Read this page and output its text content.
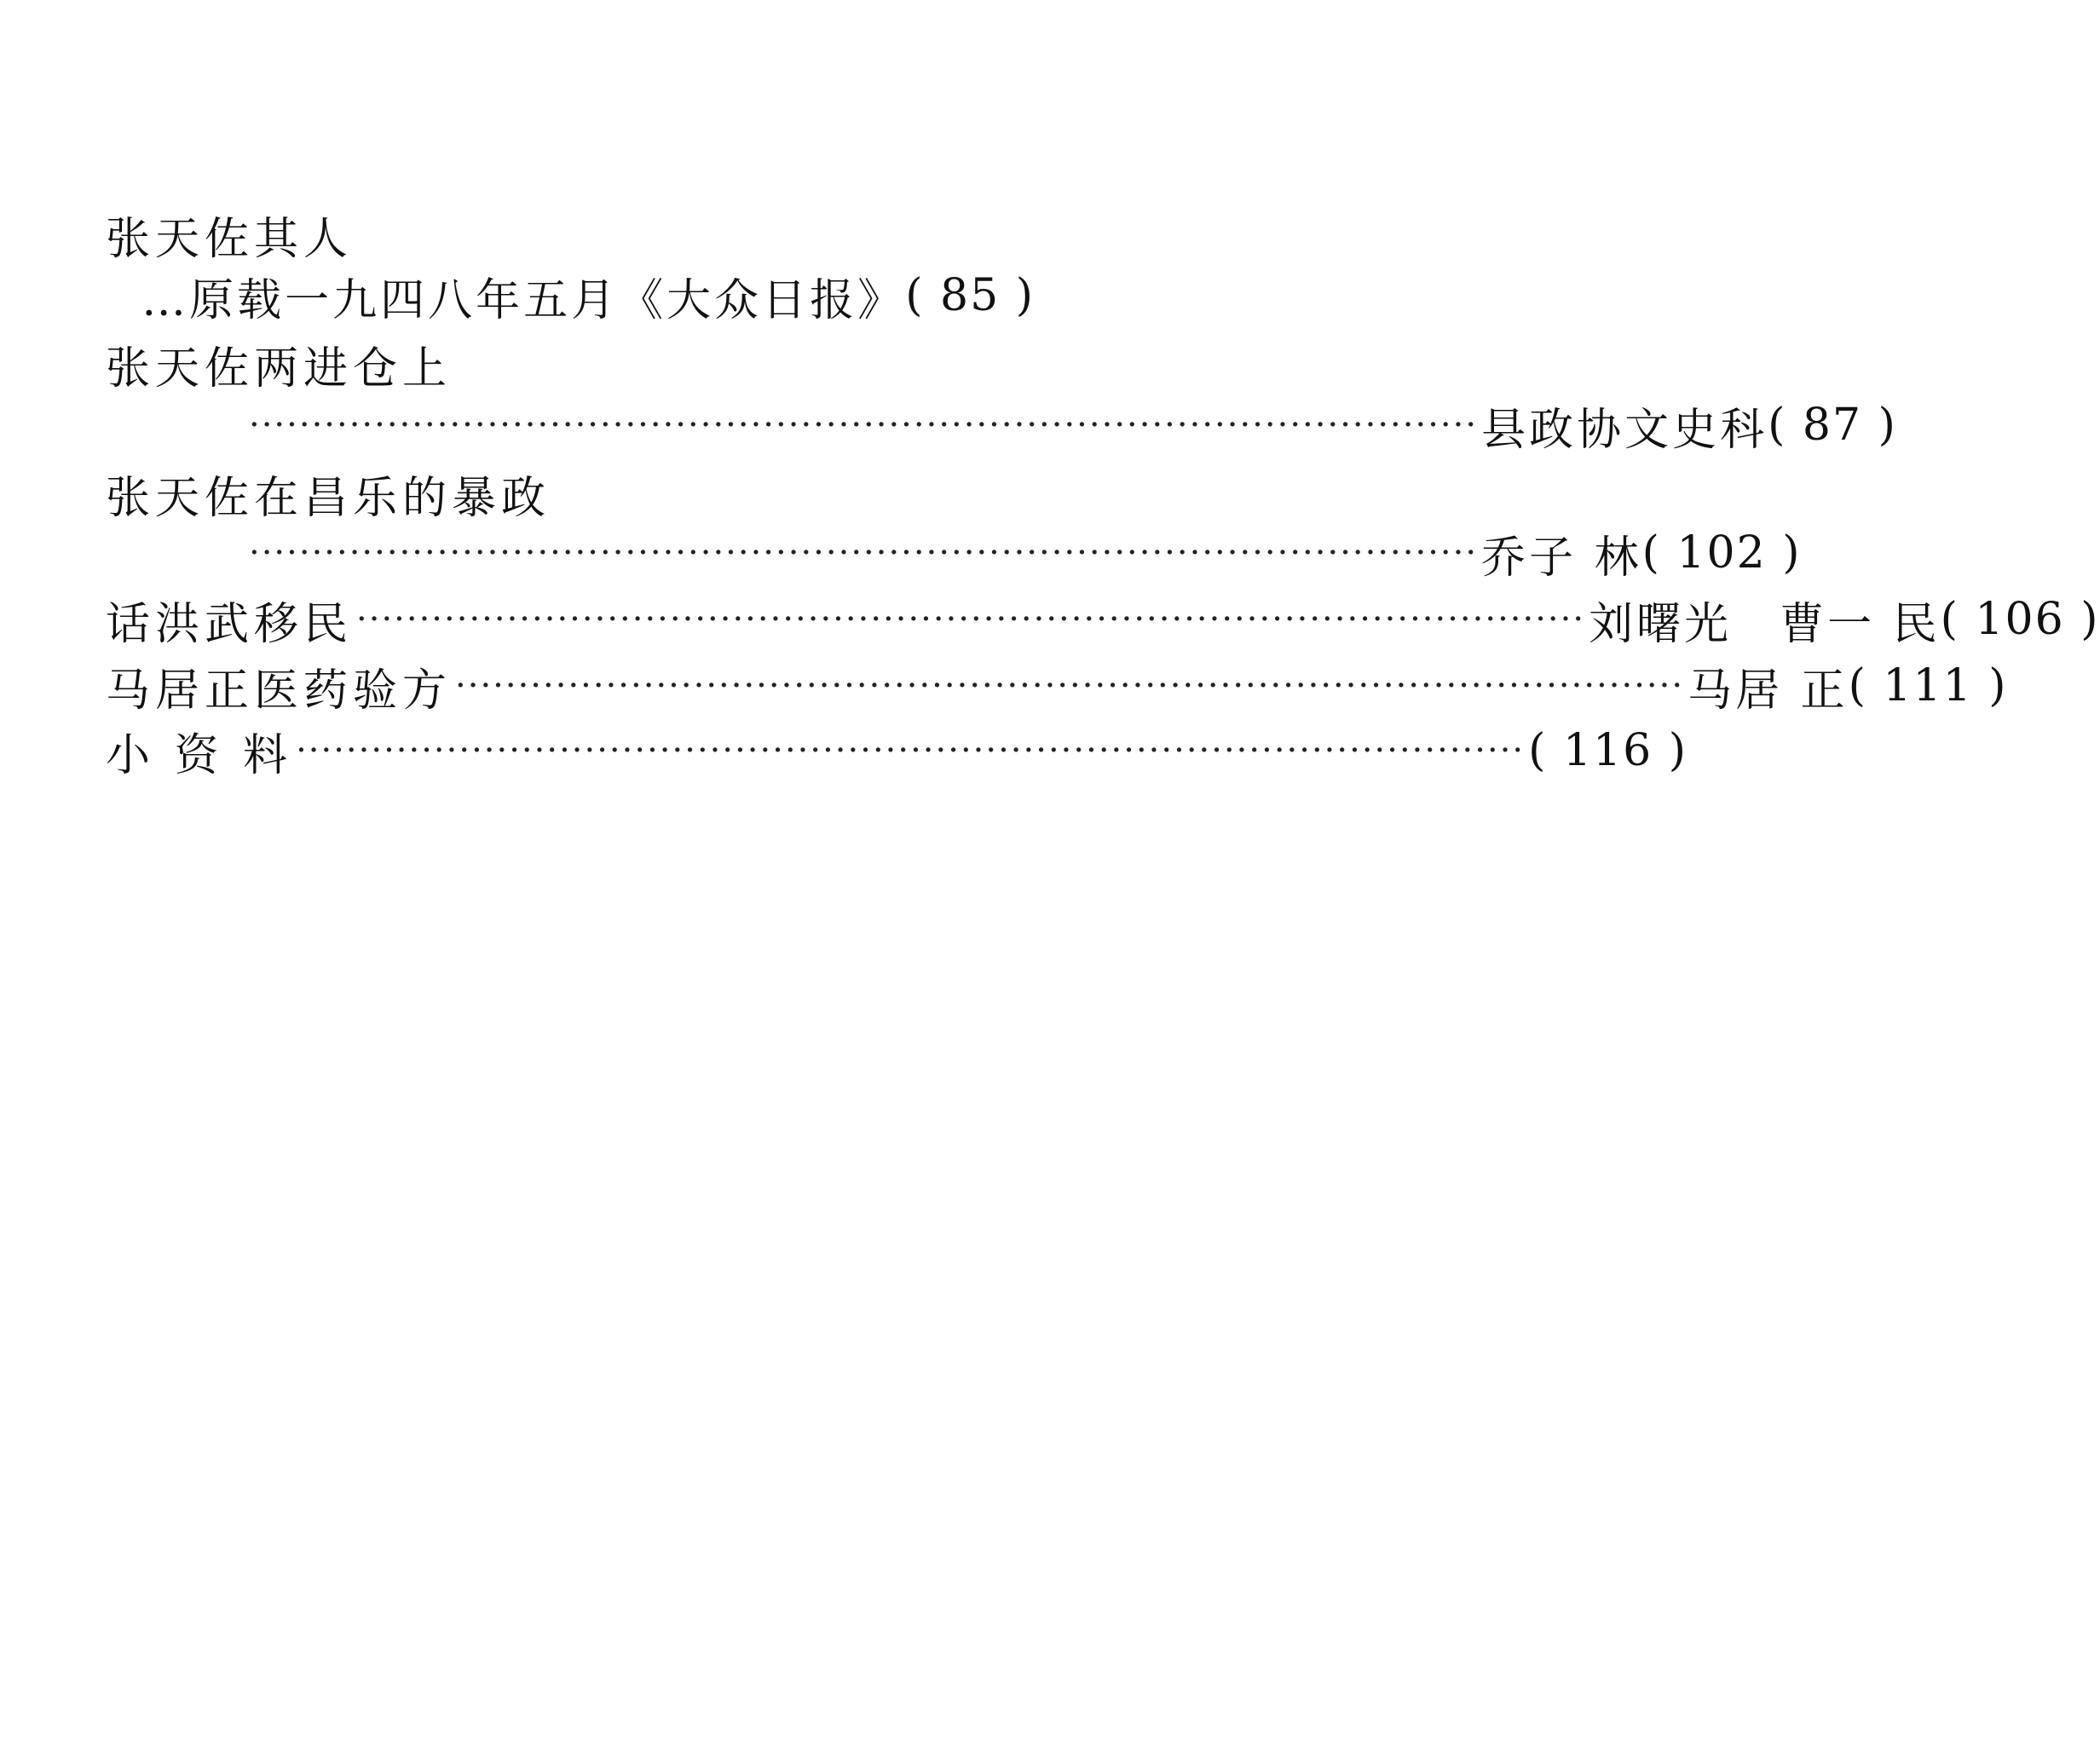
张天佐其人
…原载一九四八年五月《大众日报》 ( 85 )
张天佐两进仓上
·································································································· 县政协文史科 ( 87 )
张天佐在昌乐的暴政
·································································································· 乔子 林 ( 102 )
话洪武移民 ·································································································· 刘曙光　曹一 民 ( 106 )
马居正医药验方 ·································································································· 马居 正 ( 111 )
小 资 料 ·································································································· ( 116 )
